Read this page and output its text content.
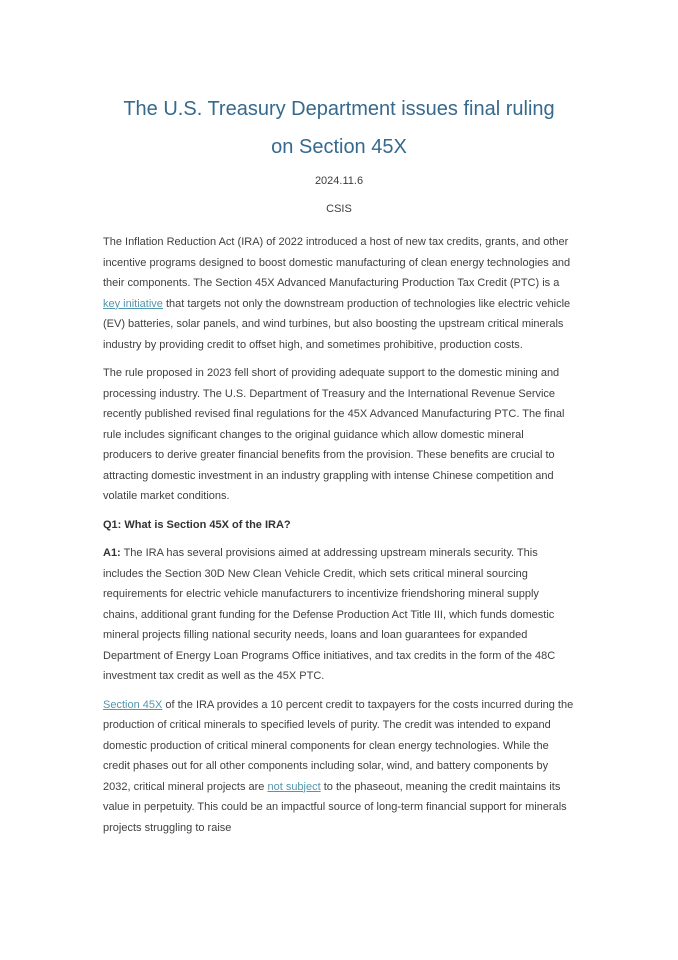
The U.S. Treasury Department issues final ruling
on Section 45X
2024.11.6
CSIS

The Inflation Reduction Act (IRA) of 2022 introduced a host of new tax credits, grants, and other incentive programs designed to boost domestic manufacturing of clean energy technologies and their components. The Section 45X Advanced Manufacturing Production Tax Credit (PTC) is a key initiative that targets not only the downstream production of technologies like electric vehicle (EV) batteries, solar panels, and wind turbines, but also boosting the upstream critical minerals industry by providing credit to offset high, and sometimes prohibitive, production costs.

The rule proposed in 2023 fell short of providing adequate support to the domestic mining and processing industry. The U.S. Department of Treasury and the International Revenue Service recently published revised final regulations for the 45X Advanced Manufacturing PTC. The final rule includes significant changes to the original guidance which allow domestic mineral producers to derive greater financial benefits from the provision. These benefits are crucial to attracting domestic investment in an industry grappling with intense Chinese competition and volatile market conditions.

Q1: What is Section 45X of the IRA?

A1: The IRA has several provisions aimed at addressing upstream minerals security. This includes the Section 30D New Clean Vehicle Credit, which sets critical mineral sourcing requirements for electric vehicle manufacturers to incentivize friendshoring mineral supply chains, additional grant funding for the Defense Production Act Title III, which funds domestic mineral projects filling national security needs, loans and loan guarantees for expanded Department of Energy Loan Programs Office initiatives, and tax credits in the form of the 48C investment tax credit as well as the 45X PTC.

Section 45X of the IRA provides a 10 percent credit to taxpayers for the costs incurred during the production of critical minerals to specified levels of purity. The credit was intended to expand domestic production of critical mineral components for clean energy technologies. While the credit phases out for all other components including solar, wind, and battery components by 2032, critical mineral projects are not subject to the phaseout, meaning the credit maintains its value in perpetuity. This could be an impactful source of long-term financial support for minerals projects struggling to raise
